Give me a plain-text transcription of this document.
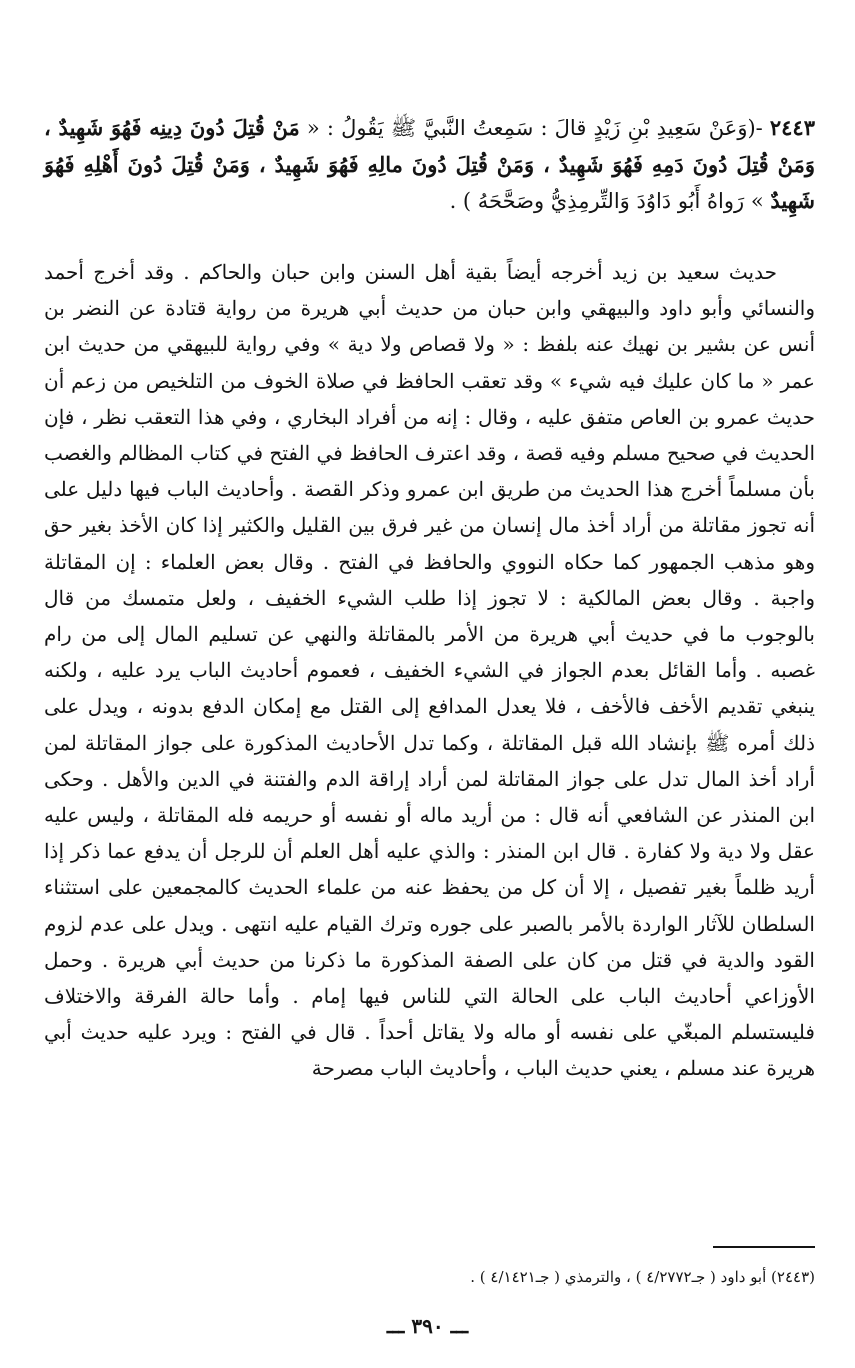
٢٤٤٣ -(وَعَنْ سَعِيدِ بْنِ زَيْدٍ قالَ : سَمِعتُ النَّبيَّ ﷺ يَقُولُ : « مَنْ قُتِلَ دُونَ دِينِه فَهُوَ شَهِيدٌ ، وَمَنْ قُتِلَ دُونَ دَمِهِ فَهُوَ شَهِيدٌ ، وَمَنْ قُتِلَ دُونَ مالِهِ فَهُوَ شَهِيدٌ ، وَمَنْ قُتِلَ دُونَ أَهْلِهِ فَهُوَ شَهِيدٌ » رَواهُ أَبُو دَاوُدَ وَالتِّرمِذِيُّ وصَحَّحَهُ ) .

حديث سعيد بن زيد أخرجه أيضاً بقية أهل السنن وابن حبان والحاكم . وقد أخرج أحمد والنسائي وأبو داود والبيهقي وابن حبان من حديث أبي هريرة من رواية قتادة عن النضر بن أنس عن بشير بن نهيك عنه بلفظ : « ولا قصاص ولا دية » وفي رواية للبيهقي من حديث ابن عمر « ما كان عليك فيه شيء » وقد تعقب الحافظ في صلاة الخوف من التلخيص من زعم أن حديث عمرو بن العاص متفق عليه ، وقال : إنه من أفراد البخاري ، وفي هذا التعقب نظر ، فإن الحديث في صحيح مسلم وفيه قصة ، وقد اعترف الحافظ في الفتح في كتاب المظالم والغصب بأن مسلماً أخرج هذا الحديث من طريق ابن عمرو وذكر القصة . وأحاديث الباب فيها دليل على أنه تجوز مقاتلة من أراد أخذ مال إنسان من غير فرق بين القليل والكثير إذا كان الأخذ بغير حق وهو مذهب الجمهور كما حكاه النووي والحافظ في الفتح . وقال بعض العلماء : إن المقاتلة واجبة . وقال بعض المالكية : لا تجوز إذا طلب الشيء الخفيف ، ولعل متمسك من قال بالوجوب ما في حديث أبي هريرة من الأمر بالمقاتلة والنهي عن تسليم المال إلى من رام غصبه . وأما القائل بعدم الجواز في الشيء الخفيف ، فعموم أحاديث الباب يرد عليه ، ولكنه ينبغي تقديم الأخف فالأخف ، فلا يعدل المدافع إلى القتل مع إمكان الدفع بدونه ، ويدل على ذلك أمره ﷺ بإنشاد الله قبل المقاتلة ، وكما تدل الأحاديث المذكورة على جواز المقاتلة لمن أراد أخذ المال تدل على جواز المقاتلة لمن أراد إراقة الدم والفتنة في الدين والأهل . وحكى ابن المنذر عن الشافعي أنه قال : من أريد ماله أو نفسه أو حريمه فله المقاتلة ، وليس عليه عقل ولا دية ولا كفارة . قال ابن المنذر : والذي عليه أهل العلم أن للرجل أن يدفع عما ذكر إذا أريد ظلماً بغير تفصيل ، إلا أن كل من يحفظ عنه من علماء الحديث كالمجمعين على استثناء السلطان للآثار الواردة بالأمر بالصبر على جوره وترك القيام عليه انتهى . ويدل على عدم لزوم القود والدية في قتل من كان على الصفة المذكورة ما ذكرنا من حديث أبي هريرة . وحمل الأوزاعي أحاديث الباب على الحالة التي للناس فيها إمام . وأما حالة الفرقة والاختلاف فليستسلم المبغّي على نفسه أو ماله ولا يقاتل أحداً . قال في الفتح : ويرد عليه حديث أبي هريرة عند مسلم ، يعني حديث الباب ، وأحاديث الباب مصرحة

(٢٤٤٣) أبو داود ( جـ٤/٢٧٧٢ ) ، والترمذي ( جـ٤/١٤٢١ ) .
ـــ ٣٩٠ ـــ
